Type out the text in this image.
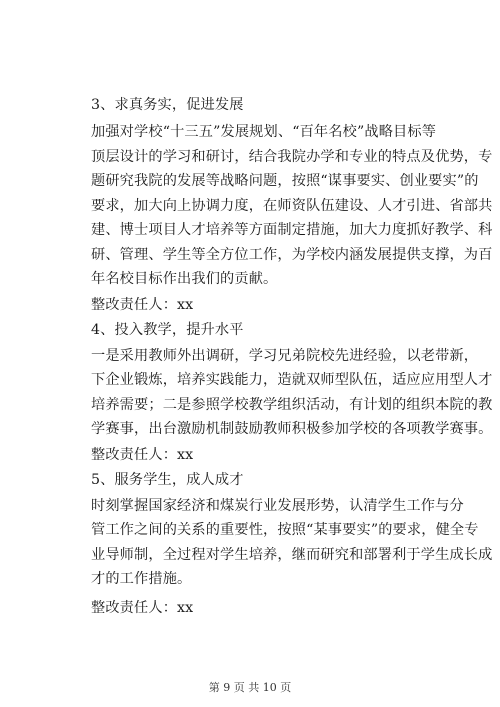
3、求真务实，促进发展
加强对学校“十三五”发展规划、“百年名校”战略目标等
顶层设计的学习和研讨，结合我院办学和专业的特点及优势，专
题研究我院的发展等战略问题，按照“谋事要实、创业要实”的
要求，加大向上协调力度，在师资队伍建设、人才引进、省部共
建、博士项目人才培养等方面制定措施，加大力度抓好教学、科
研、管理、学生等全方位工作，为学校内涵发展提供支撑，为百
年名校目标作出我们的贡献。
整改责任人：xx
4、投入教学，提升水平
一是采用教师外出调研，学习兄弟院校先进经验，以老带新，
下企业锻炼，培养实践能力，造就双师型队伍，适应应用型人才
培养需要；二是参照学校教学组织活动，有计划的组织本院的教
学赛事，出台激励机制鼓励教师积极参加学校的各项教学赛事。
整改责任人：xx
5、服务学生，成人成才
时刻掌握国家经济和煤炭行业发展形势，认清学生工作与分
管工作之间的关系的重要性，按照“某事要实”的要求，健全专
业导师制，全过程对学生培养，继而研究和部署利于学生成长成
才的工作措施。
整改责任人：xx
第 9 页 共 10 页
